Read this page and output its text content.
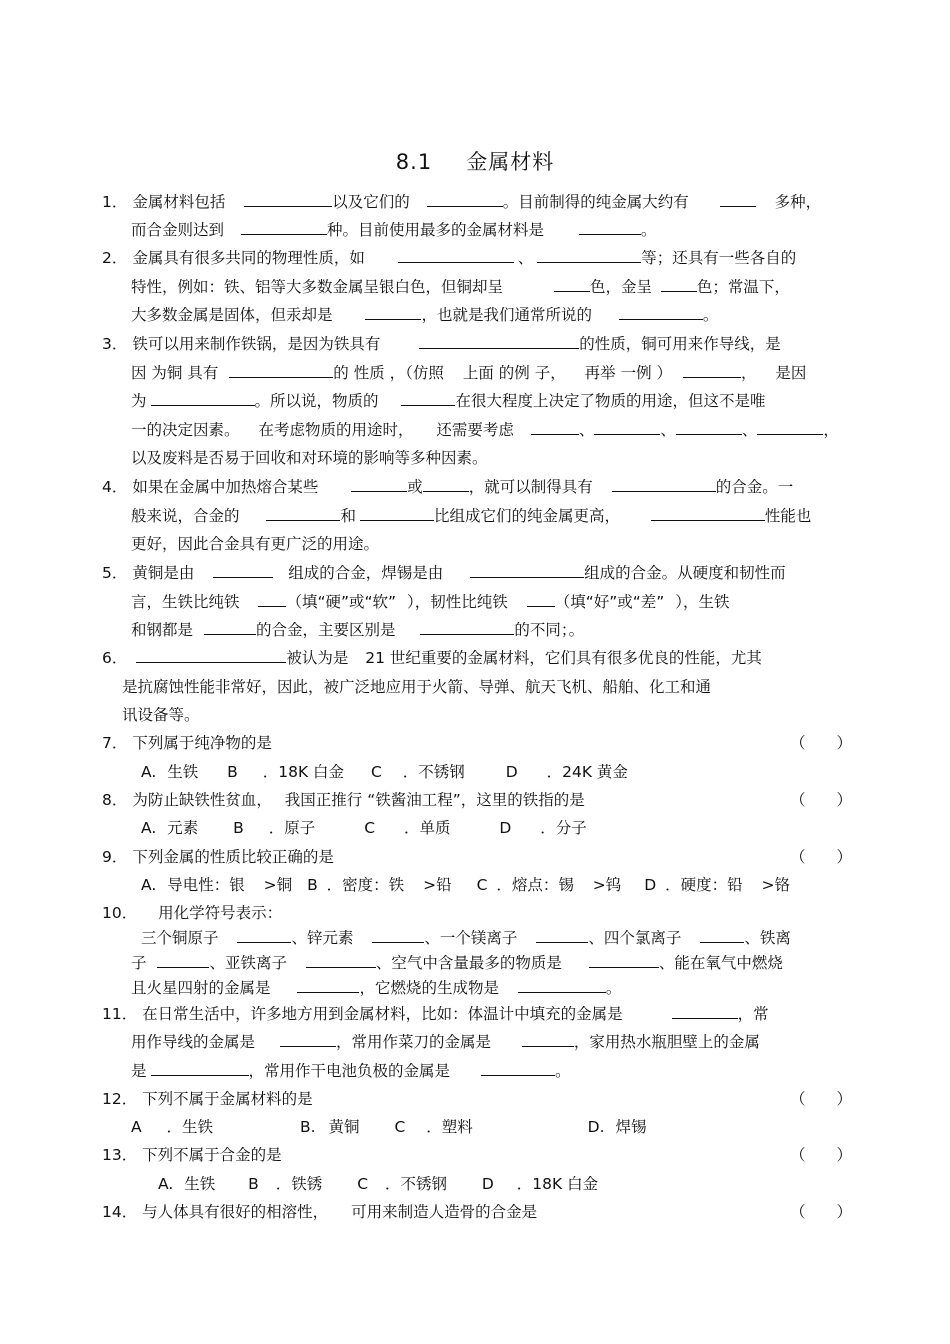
8.1 金属材料
1． 金属材料包括	以及它们的	。目前制得的纯金属大约有	多种，
而合金则达到	种。目前使用最多的金属材料是	。
2． 金属具有很多共同的物理性质，如	、	等；还具有一些各自的
特性，例如：铁、铝等大多数金属呈银白色，但铜却呈	色，金呈	色；常温下，
大多数金属是固体，但汞却是	，也就是我们通常所说的	。
3． 铁可以用来制作铁锅，是因为铁具有	的性质，铜可用来作导线，是
因 为铜 具有	的 性质 ，（仿照 上面 的例 子， 再举 一例 ）	， 是因
为	。所以说，物质的	在很大程度上决定了物质的用途，但这不是唯
一的决定因素。 在考虑物质的用途时， 还需要考虑	、	、	、	，
以及废料是否易于回收和对环境的影响等多种因素。
4． 如果在金属中加热熔合某些	或	，就可以制得具有	的合金。一
般来说，合金的	和	比组成它们的纯金属更高，	性能也
更好，因此合金具有更广泛的用途。
5． 黄铜是由	组成的合金，焊锡是由	组成的合金。从硬度和韧性而
言，生铁比纯铁	（填“硬”或“软” ），韧性比纯铁	（填“好”或“差” ），生铁
和钢都是	的合金，主要区别是	的不同；。
6．	被认为是 21 世纪重要的金属材料，它们具有很多优良的性能，尤其
是抗腐蚀性能非常好，因此，被广泛地应用于火箭、导弹、航天飞机、船舶、化工和通
讯设备等。
7． 下列属于纯净物的是	（　　）
A. 生铁 B ．18K 白金 C ．不锈钢	D ．24K 黄金
8． 为防止缺铁性贫血， 我国正推行 “铁酱油工程”，这里的铁指的是	（　　）
A. 元素 B ．原子	C ．单质	D ．分子
9． 下列金属的性质比较正确的是	（　　）
A. 导电性：银 >铜 B ．密度：铁 >铅 C ．熔点：锡 >钨 D ．硬度：铅 >铬
10． 用化学符号表示：
三个铜原子	、锌元素	、一个镁离子	、四个氯离子	、铁离
子	、亚铁离子	、空气中含量最多的物质是	、能在氧气中燃烧
且火星四射的金属是	，它燃烧的生成物是	。
11． 在日常生活中，许多地方用到金属材料，比如：体温计中填充的金属是	，常
用作导线的金属是	，常用作菜刀的金属是	，家用热水瓶胆壁上的金属
是	，常用作干电池负极的金属是	。
12． 下列不属于金属材料的是	（　　）
A ．生铁	B. 黄铜 C ．塑料	D. 焊锡
13． 下列不属于合金的是	（　　）
A. 生铁 B ．铁锈 C ．不锈钢 D ．18K 白金
14． 与人体具有很好的相溶性， 可用来制造人造骨的合金是	（　　）
